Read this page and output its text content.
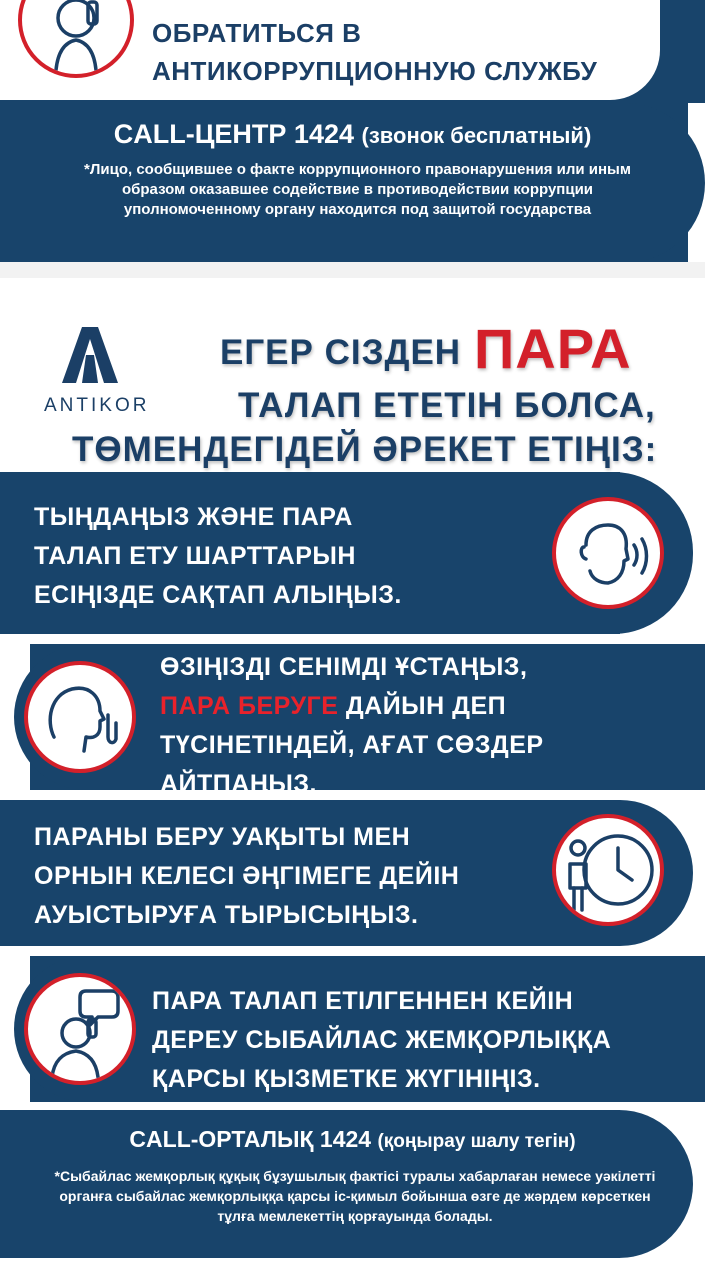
ОБРАТИТЬСЯ В
АНТИКОРРУПЦИОННУЮ СЛУЖБУ
CALL-ЦЕНТР 1424 (звонок бесплатный)
*Лицо, сообщившее о факте коррупционного правонарушения или иным образом оказавшее содействие в противодействии коррупции уполномоченному органу находится под защитой государства
ANTIKOR
ЕГЕР СІЗДЕН ПАРА
ТАЛАП ЕТЕТІН БОЛСА,
ТӨМЕНДЕГІДЕЙ ӘРЕКЕТ ЕТІҢІЗ:
ТЫҢДАҢЫЗ ЖӘНЕ ПАРА
ТАЛАП ЕТУ ШАРТТАРЫН
ЕСІҢІЗДЕ САҚТАП АЛЫҢЫЗ.
ӨЗІҢІЗДІ СЕНІМДІ ҰСТАҢЫЗ,
ПАРА БЕРУГЕ ДАЙЫН ДЕП
ТҮСІНЕТІНДЕЙ, АҒАТ СӨЗДЕР
АЙТПАҢЫЗ.
ПАРАНЫ БЕРУ УАҚЫТЫ МЕН
ОРНЫН КЕЛЕСІ ӘҢГІМЕГЕ ДЕЙІН
АУЫСТЫРУҒА ТЫРЫСЫҢЫЗ.
ПАРА ТАЛАП ЕТІЛГЕННЕН КЕЙІН
ДЕРЕУ СЫБАЙЛАС ЖЕМҚОРЛЫҚҚА
ҚАРСЫ ҚЫЗМЕТКЕ ЖҮГІНІҢІЗ.
CALL-ОРТАЛЫҚ 1424 (қоңырау шалу тегін)
*Сыбайлас жемқорлық құқық бұзушылық фактісі туралы хабарлаған немесе уәкілетті органға сыбайлас жемқорлыққа қарсы іс-қимыл бойынша өзге де жәрдем көрсеткен тұлға мемлекеттің қорғауында болады.
